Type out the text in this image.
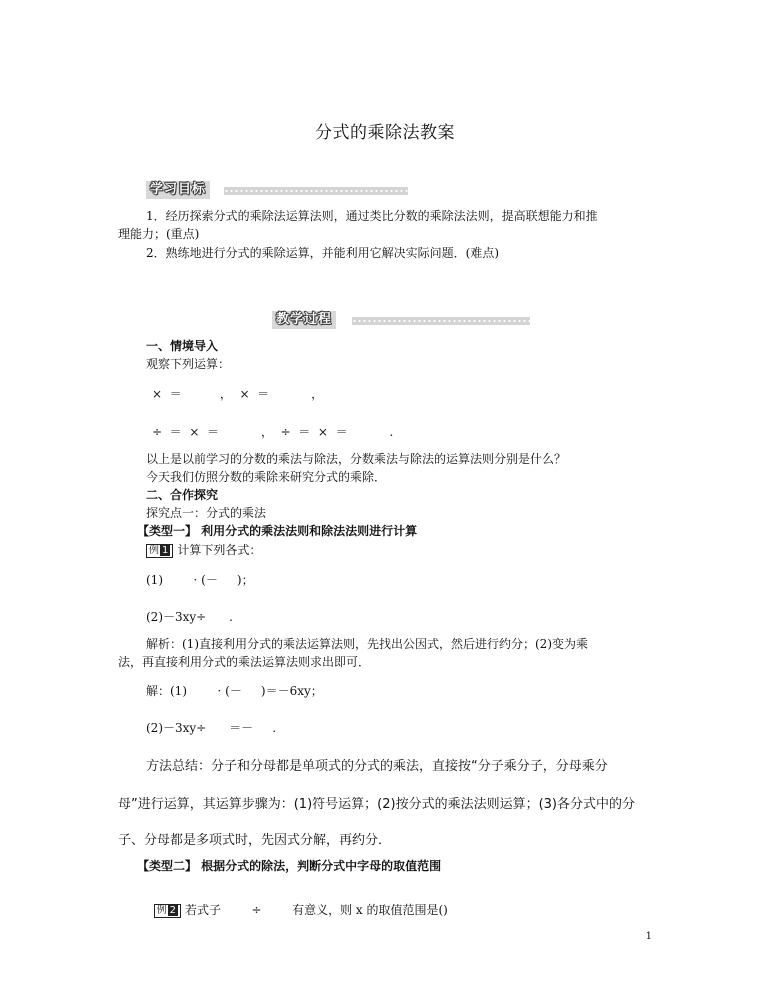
分式的乘除法教案
学习目标
1．经历探索分式的乘除法运算法则，通过类比分数的乘除法法则，提高联想能力和推
理能力；(重点)
2．熟练地进行分式的乘除运算，并能利用它解决实际问题．(难点)
教学过程
一、情境导入
观察下列运算：
×  ＝          ，  ×  ＝           ，
÷  ＝  ×  ＝           ，  ÷  ＝  ×  ＝           .
以上是以前学习的分数的乘法与除法，分数乘法与除法的运算法则分别是什么？
今天我们仿照分数的乘除来研究分式的乘除．
二、合作探究
探究点一：分式的乘法
【类型一】 利用分式的乘法法则和除法法则进行计算
例 1 计算下列各式：
(1)        · (－     )；
(2)－3xy÷      .
解析：(1)直接利用分式的乘法运算法则，先找出公因式，然后进行约分；(2)变为乘
法，再直接利用分式的乘法运算法则求出即可．
解：(1)        · (－     )＝－6xy；
(2)－3xy÷      ＝－     .
方法总结：分子和分母都是单项式的分式的乘法，直接按“分子乘分子，分母乘分
母”进行运算，其运算步骤为：(1)符号运算；(2)按分式的乘法法则运算；(3)各分式中的分
子、分母都是多项式时，先因式分解，再约分．
【类型二】 根据分式的除法，判断分式中字母的取值范围

例 2 若式子        ÷        有意义，则 x 的取值范围是()

1
